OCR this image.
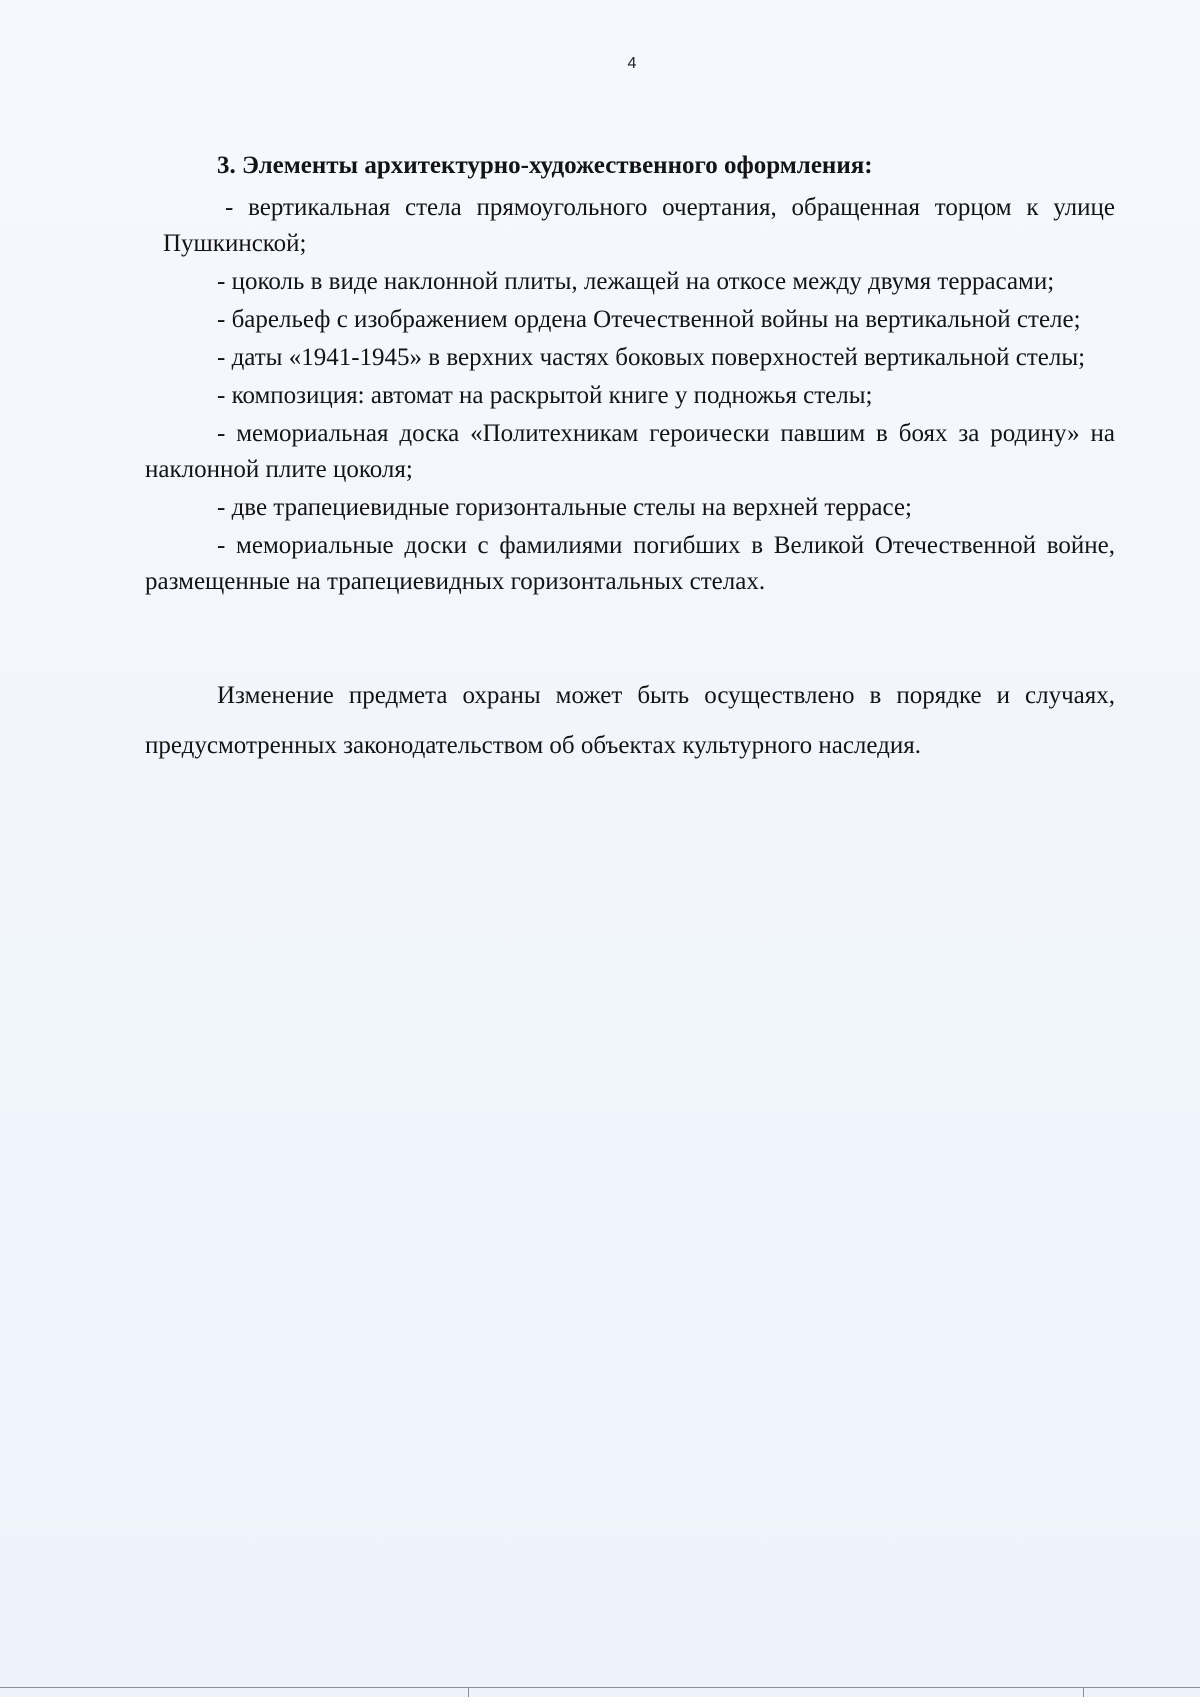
4

3. Элементы архитектурно-художественного оформления:

- вертикальная стела прямоугольного очертания, обращенная торцом к улице Пушкинской;

- цоколь в виде наклонной плиты, лежащей на откосе между двумя террасами;

- барельеф с изображением ордена Отечественной войны на вертикальной стеле;

- даты «1941-1945» в верхних частях боковых поверхностей вертикальной стелы;

- композиция: автомат на раскрытой книге у подножья стелы;

- мемориальная доска «Политехникам героически павшим в боях за родину» на наклонной плите цоколя;

- две трапециевидные горизонтальные стелы на верхней террасе;

- мемориальные доски с фамилиями погибших в Великой Отечественной войне, размещенные на трапециевидных горизонтальных стелах.

Изменение предмета охраны может быть осуществлено в порядке и случаях, предусмотренных законодательством об объектах культурного наследия.
